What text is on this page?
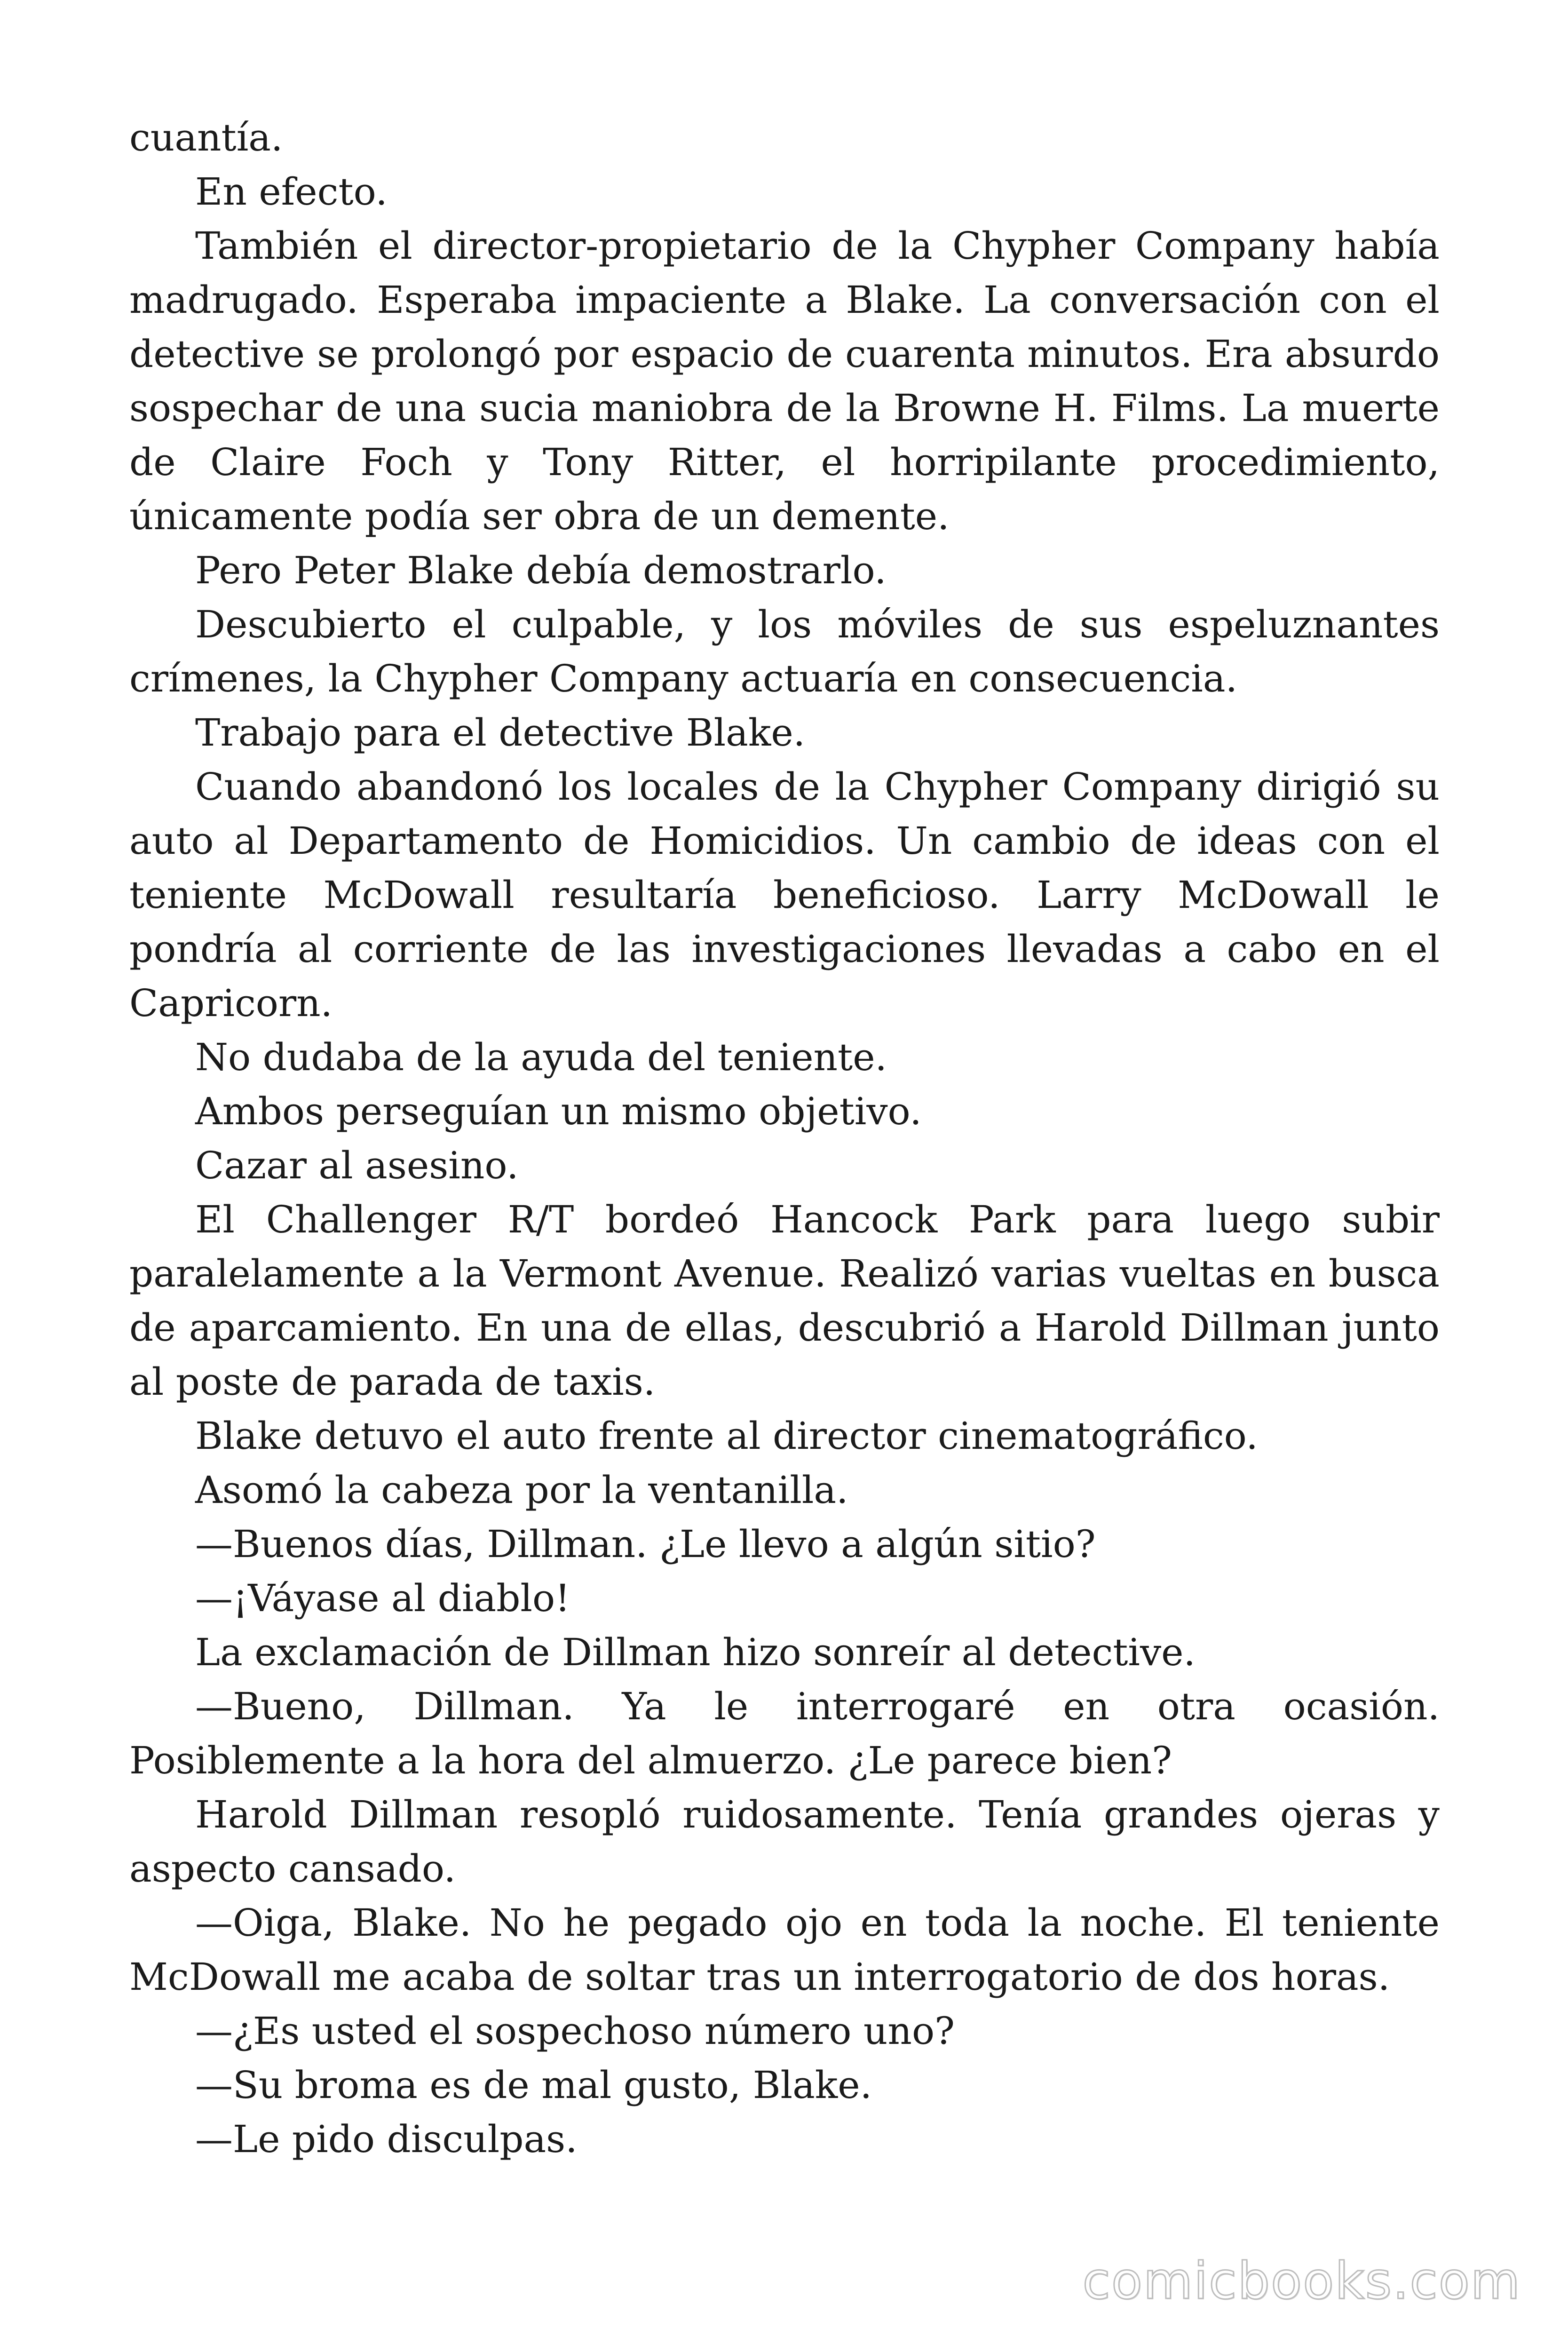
cuantía.

En efecto.

También el director-propietario de la Chypher Company había madrugado. Esperaba impaciente a Blake. La conversación con el detective se prolongó por espacio de cuarenta minutos. Era absurdo sospechar de una sucia maniobra de la Browne H. Films. La muerte de Claire Foch y Tony Ritter, el horripilante procedimiento, únicamente podía ser obra de un demente.

Pero Peter Blake debía demostrarlo.

Descubierto el culpable, y los móviles de sus espeluznantes crímenes, la Chypher Company actuaría en consecuencia.

Trabajo para el detective Blake.

Cuando abandonó los locales de la Chypher Company dirigió su auto al Departamento de Homicidios. Un cambio de ideas con el teniente McDowall resultaría beneficioso. Larry McDowall le pondría al corriente de las investigaciones llevadas a cabo en el Capricorn.

No dudaba de la ayuda del teniente.

Ambos perseguían un mismo objetivo.

Cazar al asesino.

El Challenger R/T bordeó Hancock Park para luego subir paralelamente a la Vermont Avenue. Realizó varias vueltas en busca de aparcamiento. En una de ellas, descubrió a Harold Dillman junto al poste de parada de taxis.

Blake detuvo el auto frente al director cinematográfico.

Asomó la cabeza por la ventanilla.

—Buenos días, Dillman. ¿Le llevo a algún sitio?

—¡Váyase al diablo!

La exclamación de Dillman hizo sonreír al detective.

—Bueno, Dillman. Ya le interrogaré en otra ocasión. Posiblemente a la hora del almuerzo. ¿Le parece bien?

Harold Dillman resopló ruidosamente. Tenía grandes ojeras y aspecto cansado.

—Oiga, Blake. No he pegado ojo en toda la noche. El teniente McDowall me acaba de soltar tras un interrogatorio de dos horas.

—¿Es usted el sospechoso número uno?

—Su broma es de mal gusto, Blake.

—Le pido disculpas.

comicbooks.com
